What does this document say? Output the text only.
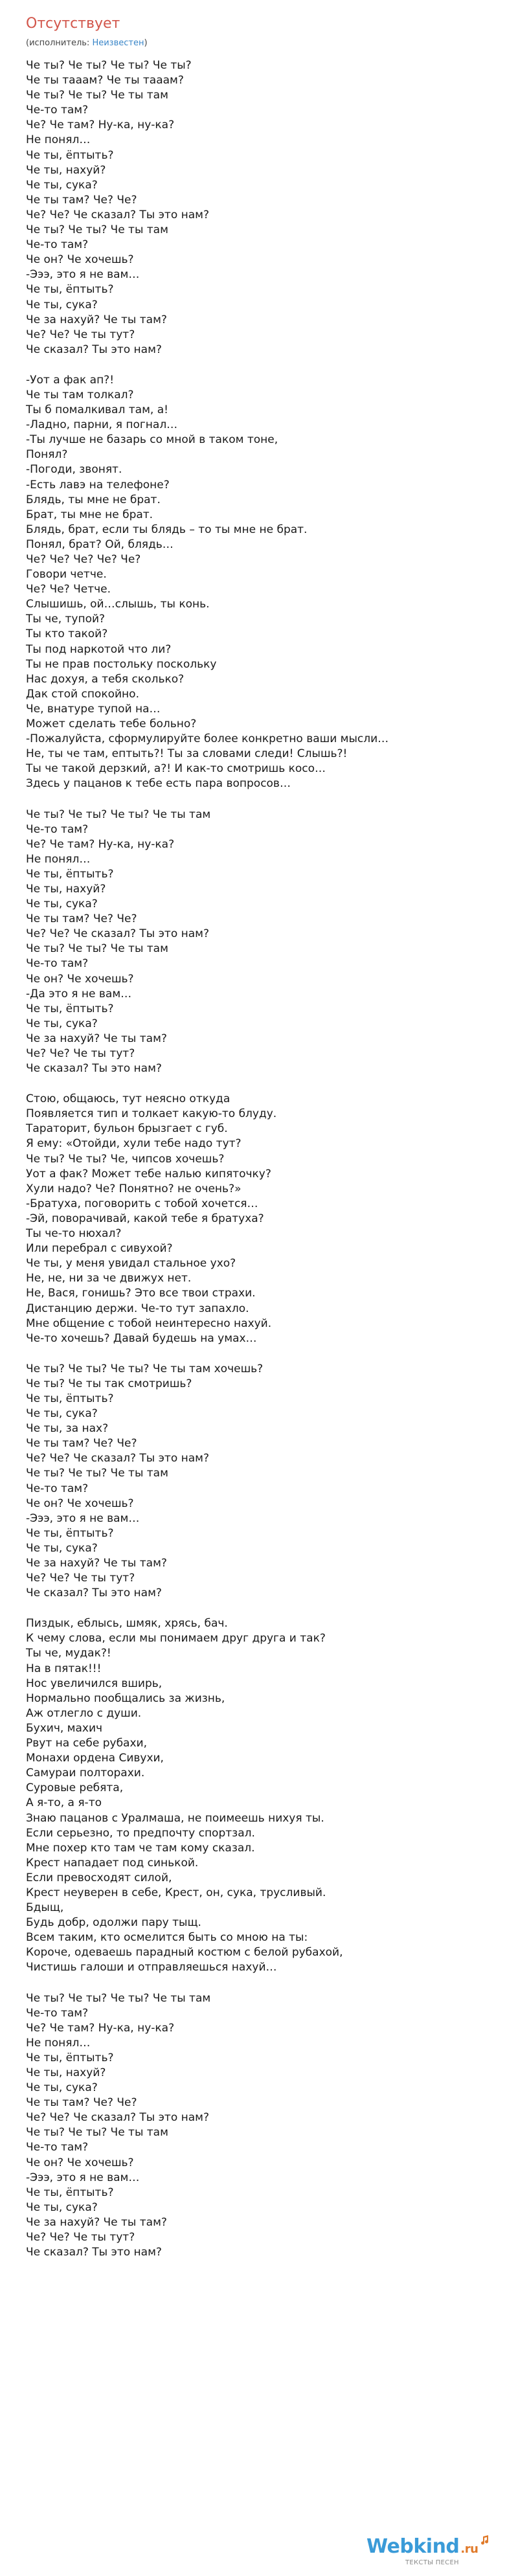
Отсутствует
(исполнитель: Неизвестен)
Че ты? Че ты? Че ты? Че ты?
Че ты тааам? Че ты тааам?
Че ты? Че ты? Че ты там
Че-то там?
Че? Че там? Ну-ка, ну-ка?
Не понял…
Че ты, ёптыть?
Че ты, нахуй?
Че ты, сука?
Че ты там? Че? Че?
Че? Че? Че сказал? Ты это нам?
Че ты? Че ты? Че ты там
Че-то там?
Че он? Че хочешь?
-Эээ, это я не вам…
Че ты, ёптыть?
Че ты, сука?
Че за нахуй? Че ты там?
Че? Че? Че ты тут?
Че сказал? Ты это нам?
-Уот а фак ап?!
Че ты там толкал?
Ты б помалкивал там, а!
-Ладно, парни, я погнал…
-Ты лучше не базарь со мной в таком тоне,
Понял?
-Погоди, звонят.
-Есть лавэ на телефоне?
Блядь, ты мне не брат.
Брат, ты мне не брат.
Блядь, брат, если ты блядь – то ты мне не брат.
Понял, брат? Ой, блядь…
Че? Че? Че? Че? Че?
Говори четче.
Че? Че? Четче.
Слышишь, ой…слышь, ты конь.
Ты че, тупой?
Ты кто такой?
Ты под наркотой что ли?
Ты не прав постольку поскольку
Нас дохуя, а тебя сколько?
Дак стой спокойно.
Че, внатуре тупой на…
Может сделать тебе больно?
-Пожалуйста, сформулируйте более конкретно ваши мысли…
Не, ты че там, ептыть?! Ты за словами следи! Слышь?!
Ты че такой дерзкий, а?! И как-то смотришь косо…
Здесь у пацанов к тебе есть пара вопросов…
Че ты? Че ты? Че ты? Че ты там
Че-то там?
Че? Че там? Ну-ка, ну-ка?
Не понял…
Че ты, ёптыть?
Че ты, нахуй?
Че ты, сука?
Че ты там? Че? Че?
Че? Че? Че сказал? Ты это нам?
Че ты? Че ты? Че ты там
Че-то там?
Че он? Че хочешь?
-Да это я не вам…
Че ты, ёптыть?
Че ты, сука?
Че за нахуй? Че ты там?
Че? Че? Че ты тут?
Че сказал? Ты это нам?
Стою, общаюсь, тут неясно откуда
Появляется тип и толкает какую-то блуду.
Тараторит, бульон брызгает с губ.
Я ему: «Отойди, хули тебе надо тут?
Че ты? Че ты? Че, чипсов хочешь?
Уот а фак? Может тебе налью кипяточку?
Хули надо? Че? Понятно? не очень?»
-Братуха, поговорить с тобой хочется…
-Эй, поворачивай, какой тебе я братуха?
Ты че-то нюхал?
Или перебрал с сивухой?
Че ты, у меня увидал стальное ухо?
Не, не, ни за че движух нет.
Не, Вася, гонишь? Это все твои страхи.
Дистанцию держи. Че-то тут запахло.
Мне общение с тобой неинтересно нахуй.
Че-то хочешь? Давай будешь на умах…
Че ты? Че ты? Че ты? Че ты там хочешь?
Че ты? Че ты так смотришь?
Че ты, ёптыть?
Че ты, сука?
Че ты, за нах?
Че ты там? Че? Че?
Че? Че? Че сказал? Ты это нам?
Че ты? Че ты? Че ты там
Че-то там?
Че он? Че хочешь?
-Эээ, это я не вам…
Че ты, ёптыть?
Че ты, сука?
Че за нахуй? Че ты там?
Че? Че? Че ты тут?
Че сказал? Ты это нам?
Пиздык, еблысь, шмяк, хрясь, бач.
К чему слова, если мы понимаем друг друга и так?
Ты че, мудак?!
На в пятак!!!
Нос увеличился вширь,
Нормально пообщались за жизнь,
Аж отлегло с души.
Бухич, махич
Рвут на себе рубахи,
Монахи ордена Сивухи,
Самураи полторахи.
Суровые ребята,
А я-то, а я-то
Знаю пацанов с Уралмаша, не поимеешь нихуя ты.
Если серьезно, то предпочту спортзал.
Мне похер кто там че там кому сказал.
Крест нападает под синькой.
Если превосходят силой,
Крест неуверен в себе, Крест, он, сука, трусливый.
Бдыщ,
Будь добр, одолжи пару тыщ.
Всем таким, кто осмелится быть со мною на ты:
Короче, одеваешь парадный костюм с белой рубахой,
Чистишь галоши и отправляешься нахуй…
Че ты? Че ты? Че ты? Че ты там
Че-то там?
Че? Че там? Ну-ка, ну-ка?
Не понял…
Че ты, ёптыть?
Че ты, нахуй?
Че ты, сука?
Че ты там? Че? Че?
Че? Че? Че сказал? Ты это нам?
Че ты? Че ты? Че ты там
Че-то там?
Че он? Че хочешь?
-Эээ, это я не вам…
Че ты, ёптыть?
Че ты, сука?
Че за нахуй? Че ты там?
Че? Че? Че ты тут?
Че сказал? Ты это нам?
Webkind .ru
ТЕКСТЫ ПЕСЕН
